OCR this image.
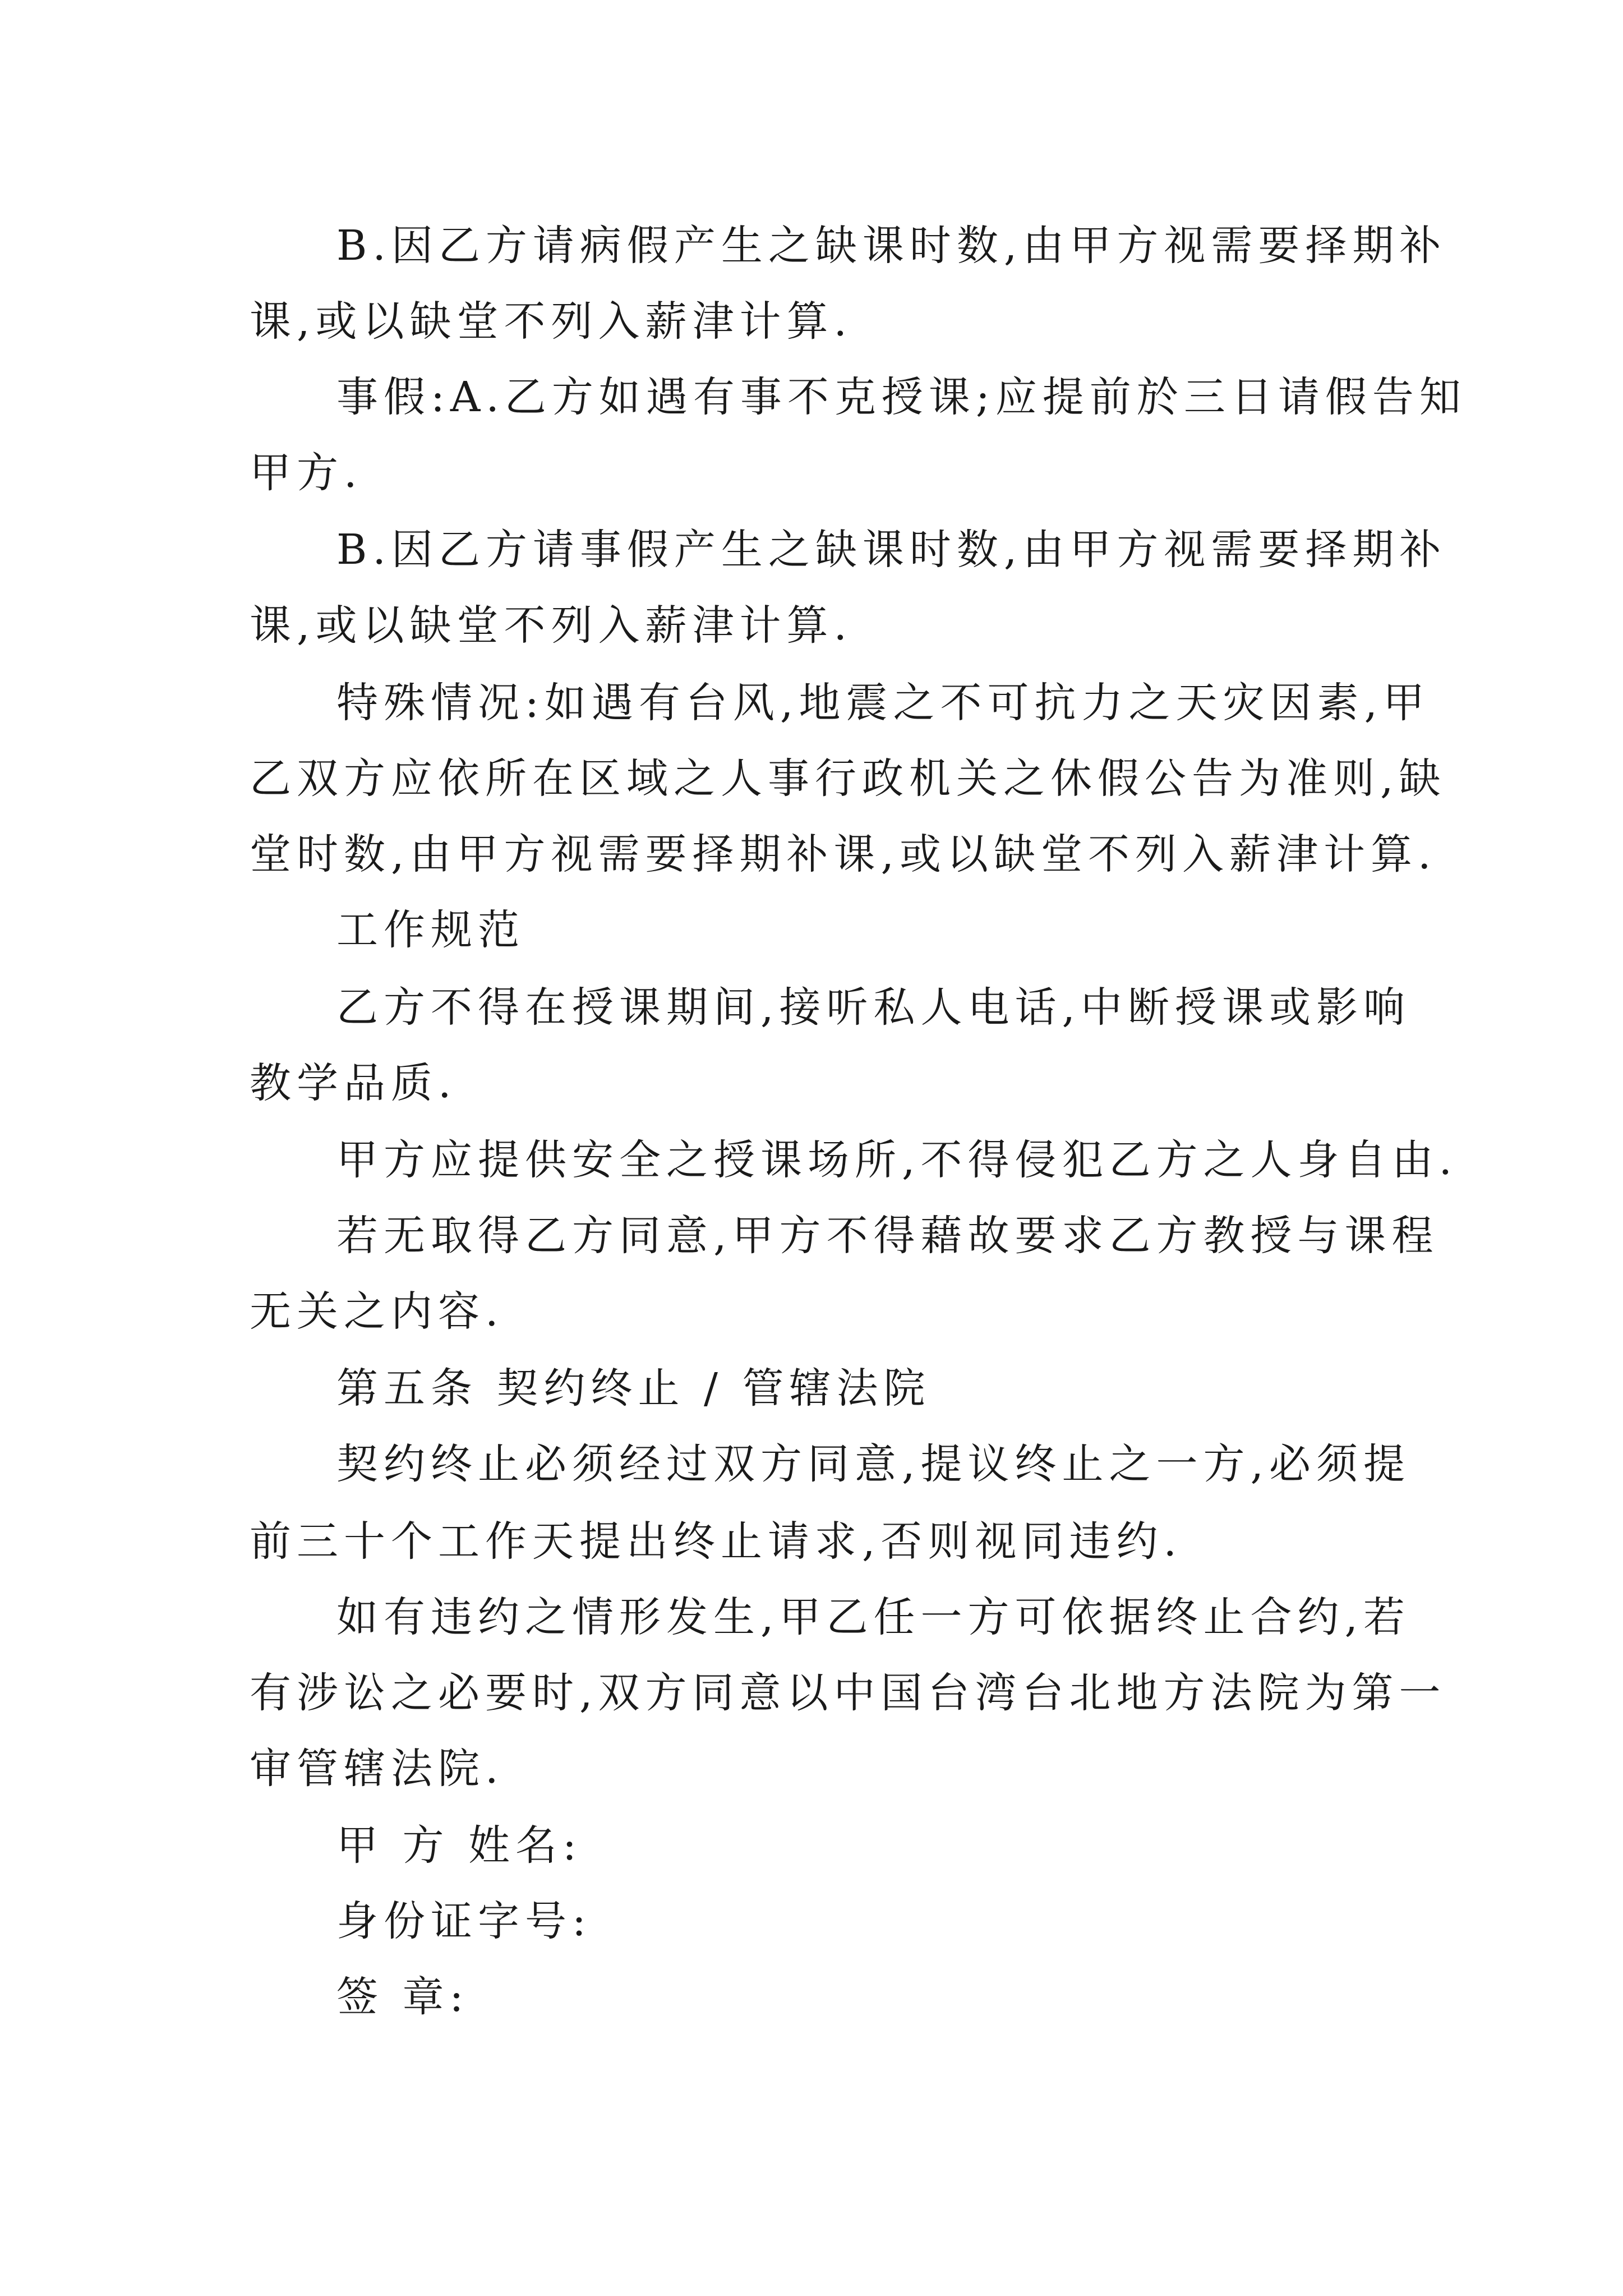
B.因乙方请病假产生之缺课时数,由甲方视需要择期补
课,或以缺堂不列入薪津计算.
事假:A.乙方如遇有事不克授课;应提前於三日请假告知
甲方.
B.因乙方请事假产生之缺课时数,由甲方视需要择期补
课,或以缺堂不列入薪津计算.
特殊情况:如遇有台风,地震之不可抗力之天灾因素,甲
乙双方应依所在区域之人事行政机关之休假公告为准则,缺
堂时数,由甲方视需要择期补课,或以缺堂不列入薪津计算.
工作规范
乙方不得在授课期间,接听私人电话,中断授课或影响
教学品质.
甲方应提供安全之授课场所,不得侵犯乙方之人身自由.
若无取得乙方同意,甲方不得藉故要求乙方教授与课程
无关之内容.
第五条 契约终止 / 管辖法院
契约终止必须经过双方同意,提议终止之一方,必须提
前三十个工作天提出终止请求,否则视同违约.
如有违约之情形发生,甲乙任一方可依据终止合约,若
有涉讼之必要时,双方同意以中国台湾台北地方法院为第一
审管辖法院.
甲 方 姓名:
身份证字号:
签 章:
